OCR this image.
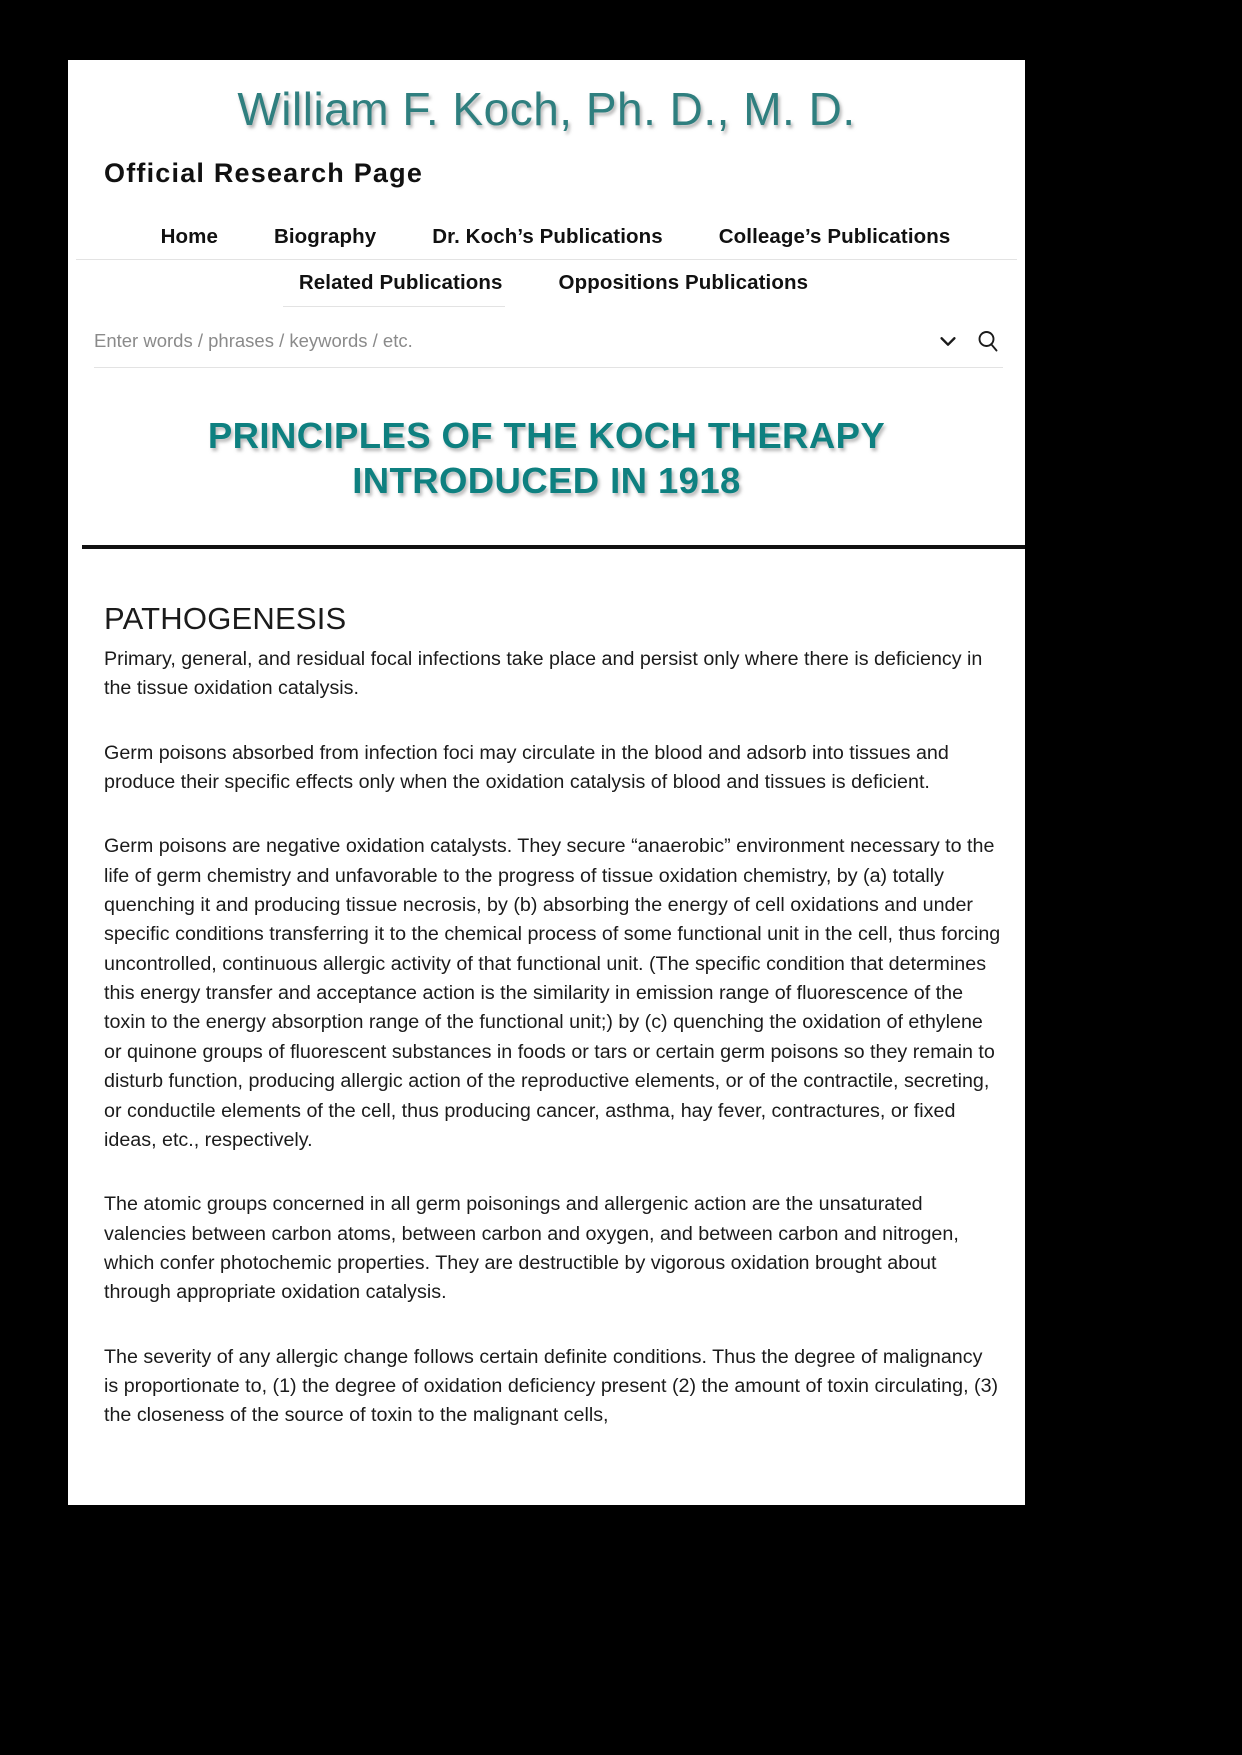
William F. Koch, Ph. D., M. D.
Official Research Page
Home	Biography	Dr. Koch’s Publications	Colleage’s Publications
Related Publications	Oppositions Publications
Enter words / phrases / keywords / etc.
PRINCIPLES OF THE KOCH THERAPY
INTRODUCED IN 1918
PATHOGENESIS

Primary, general, and residual focal infections take place and persist only where there is deficiency in the tissue oxidation catalysis.

Germ poisons absorbed from infection foci may circulate in the blood and adsorb into tissues and produce their specific effects only when the oxidation catalysis of blood and tissues is deficient.

Germ poisons are negative oxidation catalysts. They secure “anaerobic” environment necessary to the life of germ chemistry and unfavorable to the progress of tissue oxidation chemistry, by (a) totally quenching it and producing tissue necrosis, by (b) absorbing the energy of cell oxidations and under specific conditions transferring it to the chemical process of some functional unit in the cell, thus forcing uncontrolled, continuous allergic activity of that functional unit. (The specific condition that determines this energy transfer and acceptance action is the similarity in emission range of fluorescence of the toxin to the energy absorption range of the functional unit;) by (c) quenching the oxidation of ethylene or quinone groups of fluorescent substances in foods or tars or certain germ poisons so they remain to disturb function, producing allergic action of the reproductive elements, or of the contractile, secreting, or conductile elements of the cell, thus producing cancer, asthma, hay fever, contractures, or fixed ideas, etc., respectively.

The atomic groups concerned in all germ poisonings and allergenic action are the unsaturated valencies between carbon atoms, between carbon and oxygen, and between carbon and nitrogen, which confer photochemic properties. They are destructible by vigorous oxidation brought about through appropriate oxidation catalysis.

The severity of any allergic change follows certain definite conditions. Thus the degree of malignancy is proportionate to, (1) the degree of oxidation deficiency present (2) the amount of toxin circulating, (3) the closeness of the source of toxin to the malignant cells,
